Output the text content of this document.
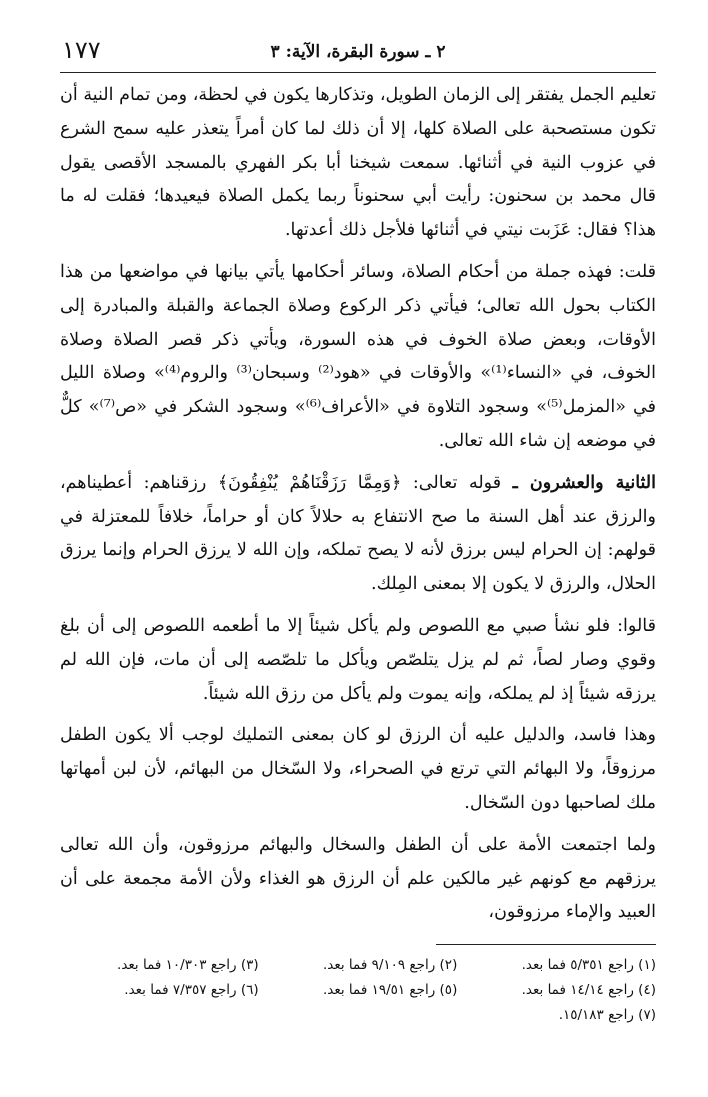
٢ ـ سورة البقرة، الآية: ٣
١٧٧

تعليم الجمل يفتقر إلى الزمان الطويل، وتذكارها يكون في لحظة، ومن تمام النية أن تكون مستصحبة على الصلاة كلها، إلا أن ذلك لما كان أمراً يتعذر عليه سمح الشرع في عزوب النية في أثنائها. سمعت شيخنا أبا بكر الفهري بالمسجد الأقصى يقول قال محمد بن سحنون: رأيت أبي سحنوناً ربما يكمل الصلاة فيعيدها؛ فقلت له ما هذا؟ فقال: عَزَبت نيتي في أثنائها فلأجل ذلك أعدتها.

قلت: فهذه جملة من أحكام الصلاة، وسائر أحكامها يأتي بيانها في مواضعها من هذا الكتاب بحول الله تعالى؛ فيأتي ذكر الركوع وصلاة الجماعة والقبلة والمبادرة إلى الأوقات، وبعض صلاة الخوف في هذه السورة، ويأتي ذكر قصر الصلاة وصلاة الخوف، في «النساء⁽¹⁾» والأوقات في «هود⁽²⁾ وسبحان⁽³⁾ والروم⁽⁴⁾» وصلاة الليل في «المزمل⁽⁵⁾» وسجود التلاوة في «الأعراف⁽⁶⁾» وسجود الشكر في «ص⁽⁷⁾» كلٌّ في موضعه إن شاء الله تعالى.

الثانية والعشرون ـ قوله تعالى: ﴿وَمِمَّا رَزَقْنَاهُمْ يُنْفِقُونَ﴾ رزقناهم: أعطيناهم، والرزق عند أهل السنة ما صح الانتفاع به حلالاً كان أو حراماً، خلافاً للمعتزلة في قولهم: إن الحرام ليس برزق لأنه لا يصح تملكه، وإن الله لا يرزق الحرام وإنما يرزق الحلال، والرزق لا يكون إلا بمعنى المِلك.

قالوا: فلو نشأ صبي مع اللصوص ولم يأكل شيئاً إلا ما أطعمه اللصوص إلى أن بلغ وقوي وصار لصاً، ثم لم يزل يتلصّص ويأكل ما تلصّصه إلى أن مات، فإن الله لم يرزقه شيئاً إذ لم يملكه، وإنه يموت ولم يأكل من رزق الله شيئاً.

وهذا فاسد، والدليل عليه أن الرزق لو كان بمعنى التمليك لوجب ألا يكون الطفل مرزوقاً، ولا البهائم التي ترتع في الصحراء، ولا السّخال من البهائم، لأن لبن أمهاتها ملك لصاحبها دون السّخال.

ولما اجتمعت الأمة على أن الطفل والسخال والبهائم مرزوقون، وأن الله تعالى يرزقهم مع كونهم غير مالكين علم أن الرزق هو الغذاء ولأن الأمة مجمعة على أن العبيد والإماء مرزوقون،

(١) راجع ٥/٣٥١ فما بعد.
(٢) راجع ٩/١٠٩ فما بعد.
(٣) راجع ١٠/٣٠٣ فما بعد.
(٤) راجع ١٤/١٤ فما بعد.
(٥) راجع ١٩/٥١ فما بعد.
(٦) راجع ٧/٣٥٧ فما بعد.
(٧) راجع ١٥/١٨٣.
